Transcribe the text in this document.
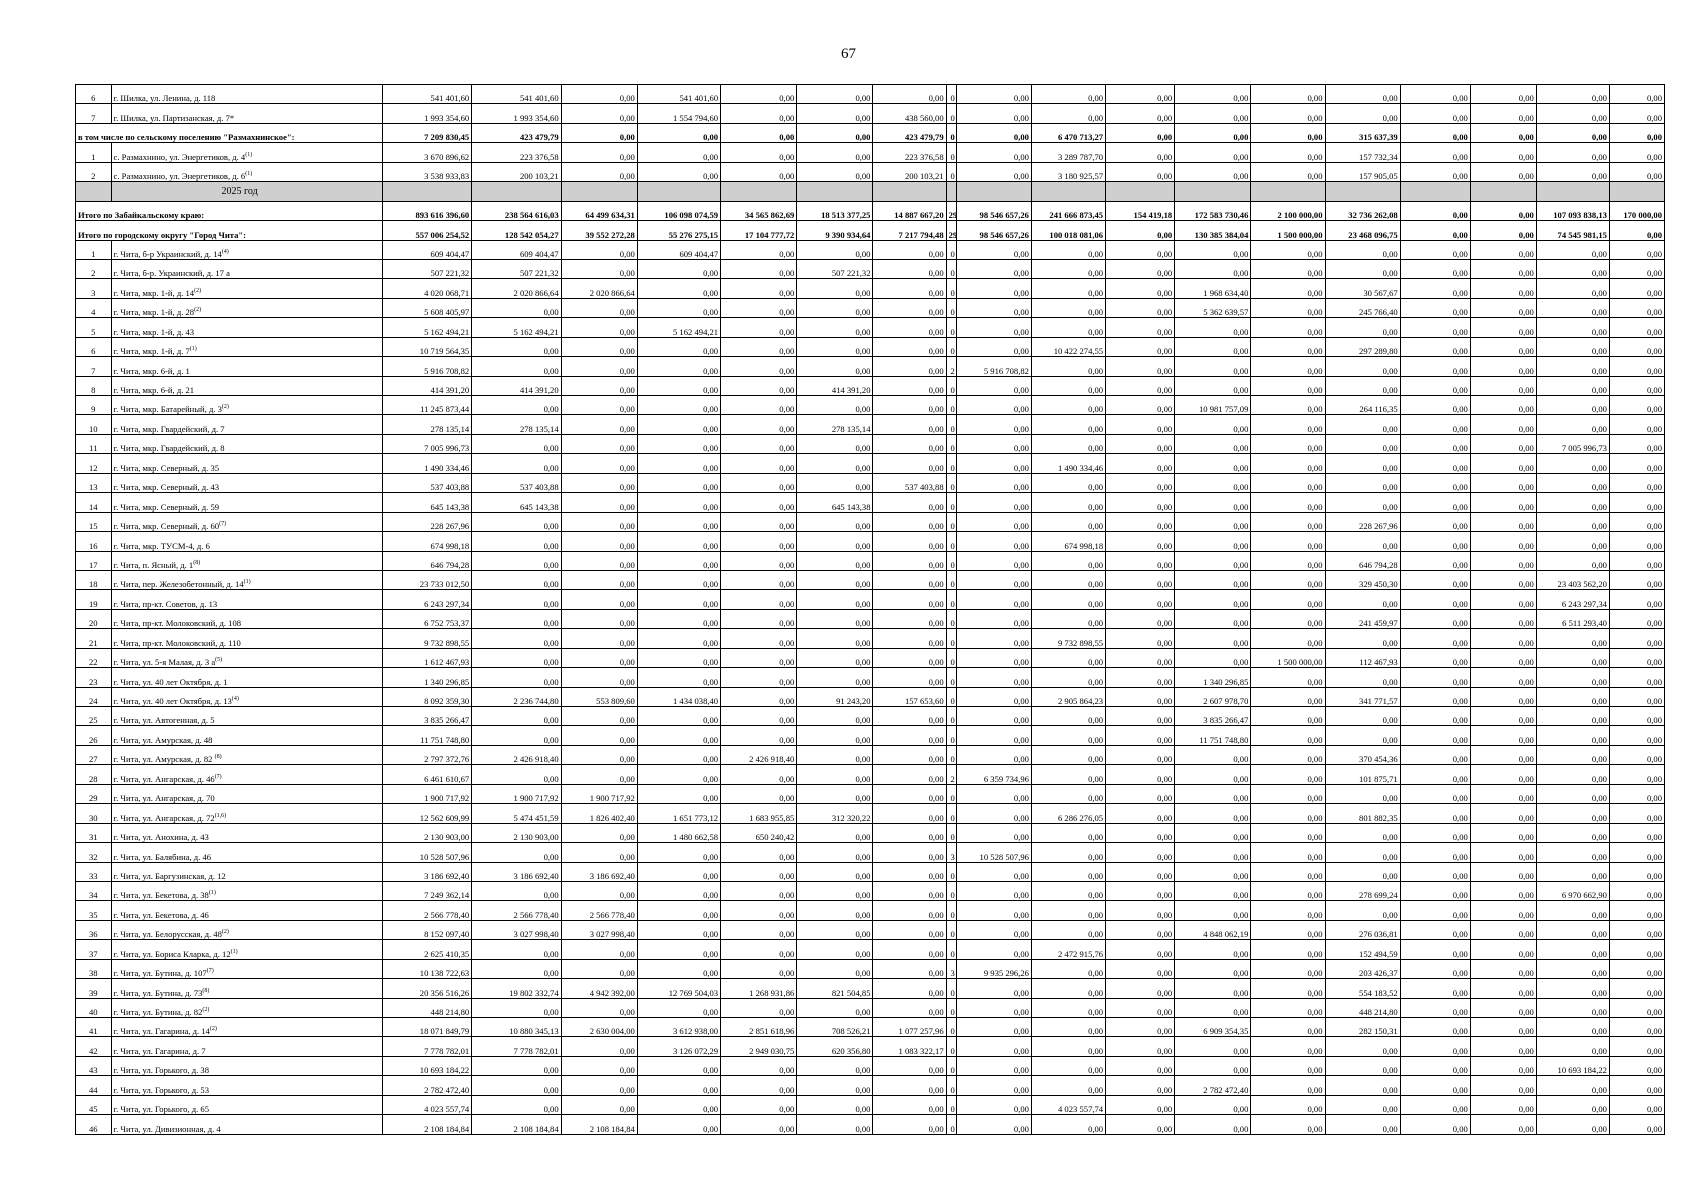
67
6	г. Шилка, ул. Ленина, д. 118	541 401,60	541 401,60	0,00	541 401,60	0,00	0,00	0,00	0	0,00	0,00	0,00	0,00	0,00	0,00	0,00	0,00	0,00	0,00
7	г. Шилка, ул. Партизанская, д. 7*	1 993 354,60	1 993 354,60	0,00	1 554 794,60	0,00	0,00	438 560,00	0	0,00	0,00	0,00	0,00	0,00	0,00	0,00	0,00	0,00	0,00
в том числе по сельскому поселению "Размахнинское":		7 209 830,45	423 479,79	0,00	0,00	0,00	0,00	423 479,79	0	0,00	6 470 713,27	0,00	0,00	0,00	315 637,39	0,00	0,00	0,00	0,00
1	с. Размахнино, ул. Энергетиков, д. 4$^{(1)}$	3 670 896,62	223 376,58	0,00	0,00	0,00	0,00	223 376,58	0	0,00	3 289 787,70	0,00	0,00	0,00	157 732,34	0,00	0,00	0,00	0,00
2	с. Размахнино, ул. Энергетиков, д. 6$^{(1)}$	3 538 933,83	200 103,21	0,00	0,00	0,00	0,00	200 103,21	0	0,00	3 180 925,57	0,00	0,00	0,00	157 905,05	0,00	0,00	0,00	0,00
	2025 год																		
Итого по Забайкальскому краю:		893 616 396,60	238 564 616,03	64 499 634,31	106 098 074,59	34 565 862,69	18 513 377,25	14 887 667,20	29	98 546 657,26	241 666 873,45	154 419,18	172 583 730,46	2 100 000,00	32 736 262,08	0,00	0,00	107 093 838,13	170 000,00
Итого по городскому округу "Город Чита":		557 006 254,52	128 542 054,27	39 552 272,28	55 276 275,15	17 104 777,72	9 390 934,64	7 217 794,48	29	98 546 657,26	100 018 081,06	0,00	130 385 384,04	1 500 000,00	23 468 096,75	0,00	0,00	74 545 981,15	0,00
1	г. Чита, б-р Украинский, д. 14$^{(4)}$	609 404,47	609 404,47	0,00	609 404,47	0,00	0,00	0,00	0	0,00	0,00	0,00	0,00	0,00	0,00	0,00	0,00	0,00	0,00
2	г. Чита, б-р. Украинский, д. 17 а	507 221,32	507 221,32	0,00	0,00	0,00	507 221,32	0,00	0	0,00	0,00	0,00	0,00	0,00	0,00	0,00	0,00	0,00	0,00
3	г. Чита, мкр. 1-й, д. 14$^{(2)}$	4 020 068,71	2 020 866,64	2 020 866,64	0,00	0,00	0,00	0,00	0	0,00	0,00	0,00	1 968 634,40	0,00	30 567,67	0,00	0,00	0,00	0,00
4	г. Чита, мкр. 1-й, д. 28$^{(2)}$	5 608 405,97	0,00	0,00	0,00	0,00	0,00	0,00	0	0,00	0,00	0,00	5 362 639,57	0,00	245 766,40	0,00	0,00	0,00	0,00
5	г. Чита, мкр. 1-й, д. 43	5 162 494,21	5 162 494,21	0,00	5 162 494,21	0,00	0,00	0,00	0	0,00	0,00	0,00	0,00	0,00	0,00	0,00	0,00	0,00	0,00
6	г. Чита, мкр. 1-й, д. 7$^{(1)}$	10 719 564,35	0,00	0,00	0,00	0,00	0,00	0,00	0	0,00	10 422 274,55	0,00	0,00	0,00	297 289,80	0,00	0,00	0,00	0,00
7	г. Чита, мкр. 6-й, д. 1	5 916 708,82	0,00	0,00	0,00	0,00	0,00	0,00	2	5 916 708,82	0,00	0,00	0,00	0,00	0,00	0,00	0,00	0,00	0,00
8	г. Чита, мкр. 6-й, д. 21	414 391,20	414 391,20	0,00	0,00	0,00	414 391,20	0,00	0	0,00	0,00	0,00	0,00	0,00	0,00	0,00	0,00	0,00	0,00
9	г. Чита, мкр. Батарейный, д. 3$^{(2)}$	11 245 873,44	0,00	0,00	0,00	0,00	0,00	0,00	0	0,00	0,00	0,00	10 981 757,09	0,00	264 116,35	0,00	0,00	0,00	0,00
10	г. Чита, мкр. Гвардейский, д. 7	278 135,14	278 135,14	0,00	0,00	0,00	278 135,14	0,00	0	0,00	0,00	0,00	0,00	0,00	0,00	0,00	0,00	0,00	0,00
11	г. Чита, мкр. Гвардейский, д. 8	7 005 996,73	0,00	0,00	0,00	0,00	0,00	0,00	0	0,00	0,00	0,00	0,00	0,00	0,00	0,00	0,00	7 005 996,73	0,00
12	г. Чита, мкр. Северный, д. 35	1 490 334,46	0,00	0,00	0,00	0,00	0,00	0,00	0	0,00	1 490 334,46	0,00	0,00	0,00	0,00	0,00	0,00	0,00	0,00
13	г. Чита, мкр. Северный, д. 43	537 403,88	537 403,88	0,00	0,00	0,00	0,00	537 403,88	0	0,00	0,00	0,00	0,00	0,00	0,00	0,00	0,00	0,00	0,00
14	г. Чита, мкр. Северный, д. 59	645 143,38	645 143,38	0,00	0,00	0,00	645 143,38	0,00	0	0,00	0,00	0,00	0,00	0,00	0,00	0,00	0,00	0,00	0,00
15	г. Чита, мкр. Северный, д. 60$^{(7)}$	228 267,96	0,00	0,00	0,00	0,00	0,00	0,00	0	0,00	0,00	0,00	0,00	0,00	228 267,96	0,00	0,00	0,00	0,00
16	г. Чита, мкр. ТУСМ-4, д. 6	674 998,18	0,00	0,00	0,00	0,00	0,00	0,00	0	0,00	674 998,18	0,00	0,00	0,00	0,00	0,00	0,00	0,00	0,00
17	г. Чита, п. Ясный, д. 1$^{(8)}$	646 794,28	0,00	0,00	0,00	0,00	0,00	0,00	0	0,00	0,00	0,00	0,00	0,00	646 794,28	0,00	0,00	0,00	0,00
18	г. Чита, пер. Железобетонный, д. 14$^{(1)}$	23 733 012,50	0,00	0,00	0,00	0,00	0,00	0,00	0	0,00	0,00	0,00	0,00	0,00	329 450,30	0,00	0,00	23 403 562,20	0,00
19	г. Чита, пр-кт. Советов, д. 13	6 243 297,34	0,00	0,00	0,00	0,00	0,00	0,00	0	0,00	0,00	0,00	0,00	0,00	0,00	0,00	0,00	6 243 297,34	0,00
20	г. Чита, пр-кт. Молоковский, д. 108	6 752 753,37	0,00	0,00	0,00	0,00	0,00	0,00	0	0,00	0,00	0,00	0,00	0,00	241 459,97	0,00	0,00	6 511 293,40	0,00
21	г. Чита, пр-кт. Молоковский, д. 110	9 732 898,55	0,00	0,00	0,00	0,00	0,00	0,00	0	0,00	9 732 898,55	0,00	0,00	0,00	0,00	0,00	0,00	0,00	0,00
22	г. Чита, ул. 5-я Малая, д. 3 $а^{(5)}$	1 612 467,93	0,00	0,00	0,00	0,00	0,00	0,00	0	0,00	0,00	0,00	0,00	1 500 000,00	112 467,93	0,00	0,00	0,00	0,00
23	г. Чита, ул. 40 лет Октября, д. 1	1 340 296,85	0,00	0,00	0,00	0,00	0,00	0,00	0	0,00	0,00	0,00	1 340 296,85	0,00	0,00	0,00	0,00	0,00	0,00
24	г. Чита, ул. 40 лет Октября, д. 13$^{(4)}$	8 092 359,30	2 236 744,80	553 809,60	1 434 038,40	0,00	91 243,20	157 653,60	0	0,00	2 905 864,23	0,00	2 607 978,70	0,00	341 771,57	0,00	0,00	0,00	0,00
25	г. Чита, ул. Автогенная, д. 5	3 835 266,47	0,00	0,00	0,00	0,00	0,00	0,00	0	0,00	0,00	0,00	3 835 266,47	0,00	0,00	0,00	0,00	0,00	0,00
26	г. Чита, ул. Амурская, д. 48	11 751 748,80	0,00	0,00	0,00	0,00	0,00	0,00	0	0,00	0,00	0,00	11 751 748,80	0,00	0,00	0,00	0,00	0,00	0,00
27	г. Чита, ул. Амурская, д. 82 $^{(8)}$	2 797 372,76	2 426 918,40	0,00	0,00	2 426 918,40	0,00	0,00	0	0,00	0,00	0,00	0,00	0,00	370 454,36	0,00	0,00	0,00	0,00
28	г. Чита, ул. Ангарская, д. 46$^{(7)}$	6 461 610,67	0,00	0,00	0,00	0,00	0,00	0,00	2	6 359 734,96	0,00	0,00	0,00	0,00	101 875,71	0,00	0,00	0,00	0,00
29	г. Чита, ул. Ангарская, д. 70	1 900 717,92	1 900 717,92	1 900 717,92	0,00	0,00	0,00	0,00	0	0,00	0,00	0,00	0,00	0,00	0,00	0,00	0,00	0,00	0,00
30	г. Чита, ул. Ангарская, д. 72$^{(1,6)}$	12 562 609,99	5 474 451,59	1 826 402,40	1 651 773,12	1 683 955,85	312 320,22	0,00	0	0,00	6 286 276,05	0,00	0,00	0,00	801 882,35	0,00	0,00	0,00	0,00
31	г. Чита, ул. Анохина, д. 43	2 130 903,00	2 130 903,00	0,00	1 480 662,58	650 240,42	0,00	0,00	0	0,00	0,00	0,00	0,00	0,00	0,00	0,00	0,00	0,00	0,00
32	г. Чита, ул. Балябина, д. 46	10 528 507,96	0,00	0,00	0,00	0,00	0,00	0,00	3	10 528 507,96	0,00	0,00	0,00	0,00	0,00	0,00	0,00	0,00	0,00
33	г. Чита, ул. Баргузинская, д. 12	3 186 692,40	3 186 692,40	3 186 692,40	0,00	0,00	0,00	0,00	0	0,00	0,00	0,00	0,00	0,00	0,00	0,00	0,00	0,00	0,00
34	г. Чита, ул. Бекетова, д. 38$^{(1)}$	7 249 362,14	0,00	0,00	0,00	0,00	0,00	0,00	0	0,00	0,00	0,00	0,00	0,00	278 699,24	0,00	0,00	6 970 662,90	0,00
35	г. Чита, ул. Бекетова, д. 46	2 566 778,40	2 566 778,40	2 566 778,40	0,00	0,00	0,00	0,00	0	0,00	0,00	0,00	0,00	0,00	0,00	0,00	0,00	0,00	0,00
36	г. Чита, ул. Белорусская, д. 48$^{(2)}$	8 152 097,40	3 027 998,40	3 027 998,40	0,00	0,00	0,00	0,00	0	0,00	0,00	0,00	4 848 062,19	0,00	276 036,81	0,00	0,00	0,00	0,00
37	г. Чита, ул. Бориса Кларка, д. 12$^{(1)}$	2 625 410,35	0,00	0,00	0,00	0,00	0,00	0,00	0	0,00	2 472 915,76	0,00	0,00	0,00	152 494,59	0,00	0,00	0,00	0,00
38	г. Чита, ул. Бутина, д. 107$^{(7)}$	10 138 722,63	0,00	0,00	0,00	0,00	0,00	0,00	3	9 935 296,26	0,00	0,00	0,00	0,00	203 426,37	0,00	0,00	0,00	0,00
39	г. Чита, ул. Бутина, д. 73$^{(8)}$	20 356 516,26	19 802 332,74	4 942 392,00	12 769 504,03	1 268 931,86	821 504,85	0,00	0	0,00	0,00	0,00	0,00	0,00	554 183,52	0,00	0,00	0,00	0,00
40	г. Чита, ул. Бутина, д. 82$^{(2)}$	448 214,80	0,00	0,00	0,00	0,00	0,00	0,00	0	0,00	0,00	0,00	0,00	0,00	448 214,80	0,00	0,00	0,00	0,00
41	г. Чита, ул. Гагарина, д. 14$^{(2)}$	18 071 849,79	10 880 345,13	2 630 004,00	3 612 938,00	2 851 618,96	708 526,21	1 077 257,96	0	0,00	0,00	0,00	6 909 354,35	0,00	282 150,31	0,00	0,00	0,00	0,00
42	г. Чита, ул. Гагарина, д. 7	7 778 782,01	7 778 782,01	0,00	3 126 072,29	2 949 030,75	620 356,80	1 083 322,17	0	0,00	0,00	0,00	0,00	0,00	0,00	0,00	0,00	0,00	0,00
43	г. Чита, ул. Горького, д. 38	10 693 184,22	0,00	0,00	0,00	0,00	0,00	0,00	0	0,00	0,00	0,00	0,00	0,00	0,00	0,00	0,00	10 693 184,22	0,00
44	г. Чита, ул. Горького, д. 53	2 782 472,40	0,00	0,00	0,00	0,00	0,00	0,00	0	0,00	0,00	0,00	2 782 472,40	0,00	0,00	0,00	0,00	0,00	0,00
45	г. Чита, ул. Горького, д. 65	4 023 557,74	0,00	0,00	0,00	0,00	0,00	0,00	0	0,00	4 023 557,74	0,00	0,00	0,00	0,00	0,00	0,00	0,00	0,00
46	г. Чита, ул. Дивизионная, д. 4	2 108 184,84	2 108 184,84	2 108 184,84	0,00	0,00	0,00	0,00	0	0,00	0,00	0,00	0,00	0,00	0,00	0,00	0,00	0,00	0,00
